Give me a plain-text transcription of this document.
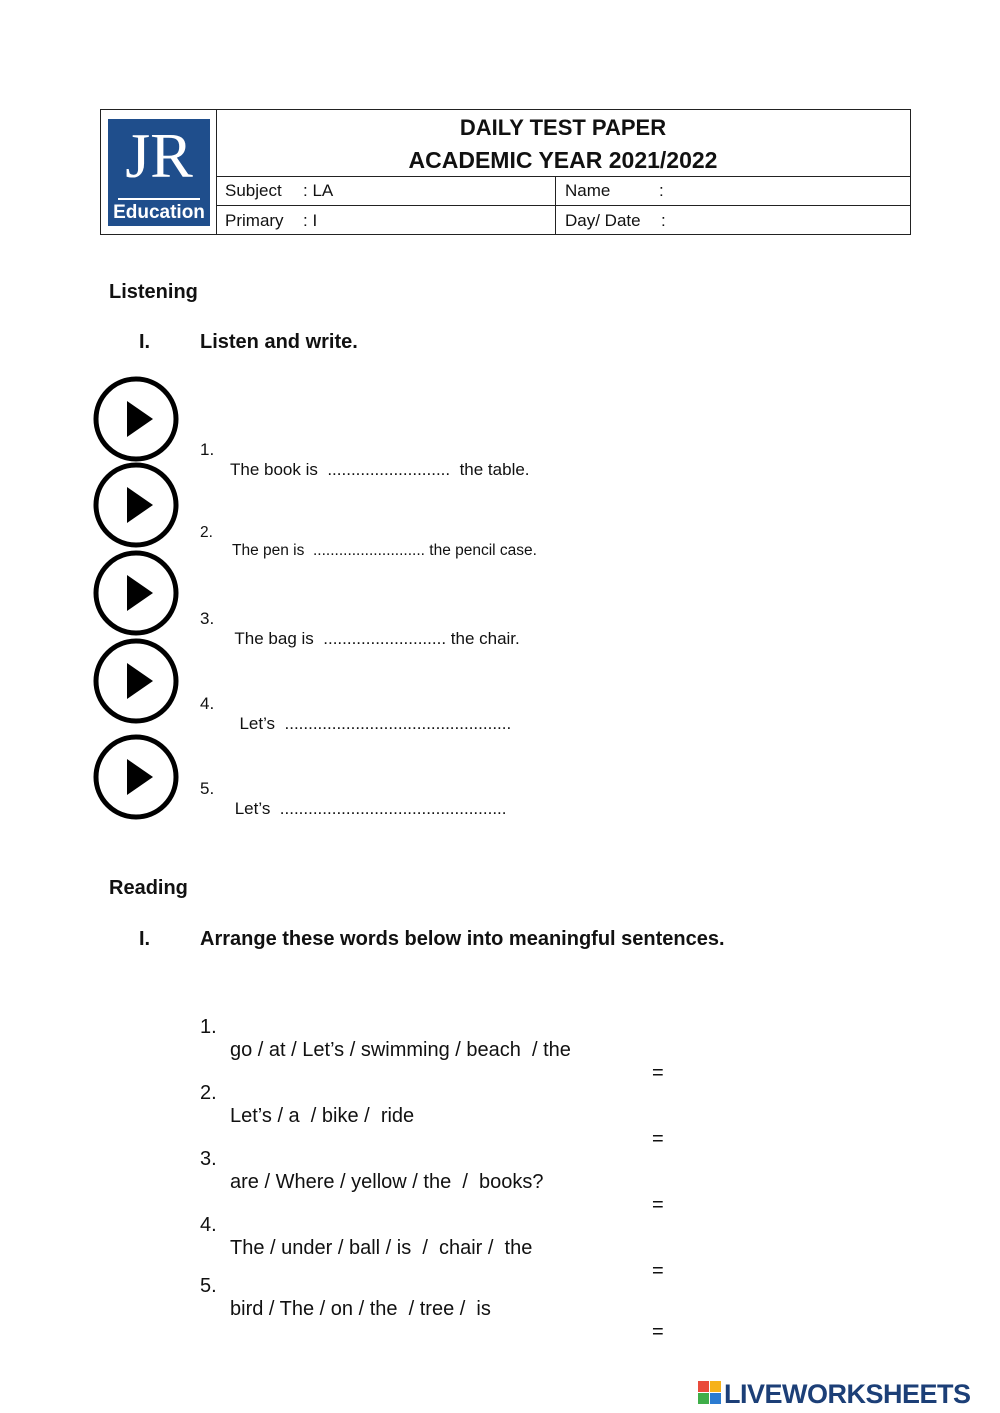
JR
Education
DAILY TEST PAPER
ACADEMIC YEAR 2021/2022
Subject : LA	Name	:
Primary : I	Day/ Date :
Listening
I. Listen and write.

1.

The book is  ..........................  the table.

2.

The pen is  .......................... the pencil case.

3.

The bag is  .......................... the chair.

4.

Let’s  ................................................

5.

Let’s  ................................................

Reading
I. Arrange these words below into meaningful sentences.

1.

go / at / Let’s / swimming / beach  / the

=

2.

Let’s / a  / bike /  ride

=

3.

are / Where / yellow / the  /  books?

=

4.

The / under / ball / is  /  chair /  the

=

5.

bird / The / on / the  / tree /  is

=

LIVEWORKSHEETS
